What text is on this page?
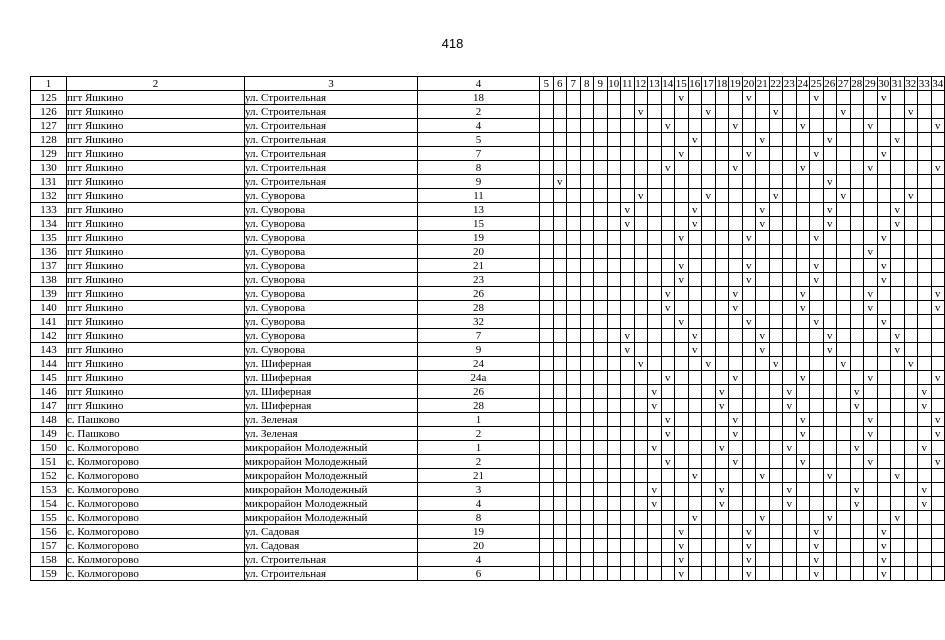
418
1	2	3	4	5	6	7	8	9	10	11	12	13	14	15	16	17	18	19	20	21	22	23	24	25	26	27	28	29	30	31	32	33	34
125	пгт Яшкино	ул. Строительная	18											v					v					v					v				
126	пгт Яшкино	ул. Строительная	2								v					v					v					v					v		
127	пгт Яшкино	ул. Строительная	4										v					v					v					v					v
128	пгт Яшкино	ул. Строительная	5												v					v					v					v			
129	пгт Яшкино	ул. Строительная	7											v					v					v					v				
130	пгт Яшкино	ул. Строительная	8										v					v					v					v					v
131	пгт Яшкино	ул. Строительная	9		v																				v								
132	пгт Яшкино	ул. Суворова	11								v					v					v					v					v		
133	пгт Яшкино	ул. Суворова	13							v					v					v					v					v			
134	пгт Яшкино	ул. Суворова	15							v					v					v					v					v			
135	пгт Яшкино	ул. Суворова	19											v					v					v					v				
136	пгт Яшкино	ул. Суворова	20																									v					
137	пгт Яшкино	ул. Суворова	21											v					v					v					v				
138	пгт Яшкино	ул. Суворова	23											v					v					v					v				
139	пгт Яшкино	ул. Суворова	26										v					v					v					v					v
140	пгт Яшкино	ул. Суворова	28										v					v					v					v					v
141	пгт Яшкино	ул. Суворова	32											v					v					v					v				
142	пгт Яшкино	ул. Суворова	7							v					v					v					v					v			
143	пгт Яшкино	ул. Суворова	9							v					v					v					v					v			
144	пгт Яшкино	ул. Шиферная	24								v					v					v					v					v		
145	пгт Яшкино	ул. Шиферная	24а										v					v					v					v					v
146	пгт Яшкино	ул. Шиферная	26									v					v					v					v					v	
147	пгт Яшкино	ул. Шиферная	28									v					v					v					v					v	
148	с. Пашково	ул. Зеленая	1										v					v					v					v					v
149	с. Пашково	ул. Зеленая	2										v					v					v					v					v
150	с. Колмогорово	микрорайон Молодежный	1									v					v					v					v					v	
151	с. Колмогорово	микрорайон Молодежный	2										v					v					v					v					v
152	с. Колмогорово	микрорайон Молодежный	21												v					v					v					v			
153	с. Колмогорово	микрорайон Молодежный	3									v					v					v					v					v	
154	с. Колмогорово	микрорайон Молодежный	4									v					v					v					v					v	
155	с. Колмогорово	микрорайон Молодежный	8												v					v					v					v			
156	с. Колмогорово	ул. Садовая	19											v					v					v					v				
157	с. Колмогорово	ул. Садовая	20											v					v					v					v				
158	с. Колмогорово	ул. Строительная	4											v					v					v					v				
159	с. Колмогорово	ул. Строительная	6											v					v					v					v				
